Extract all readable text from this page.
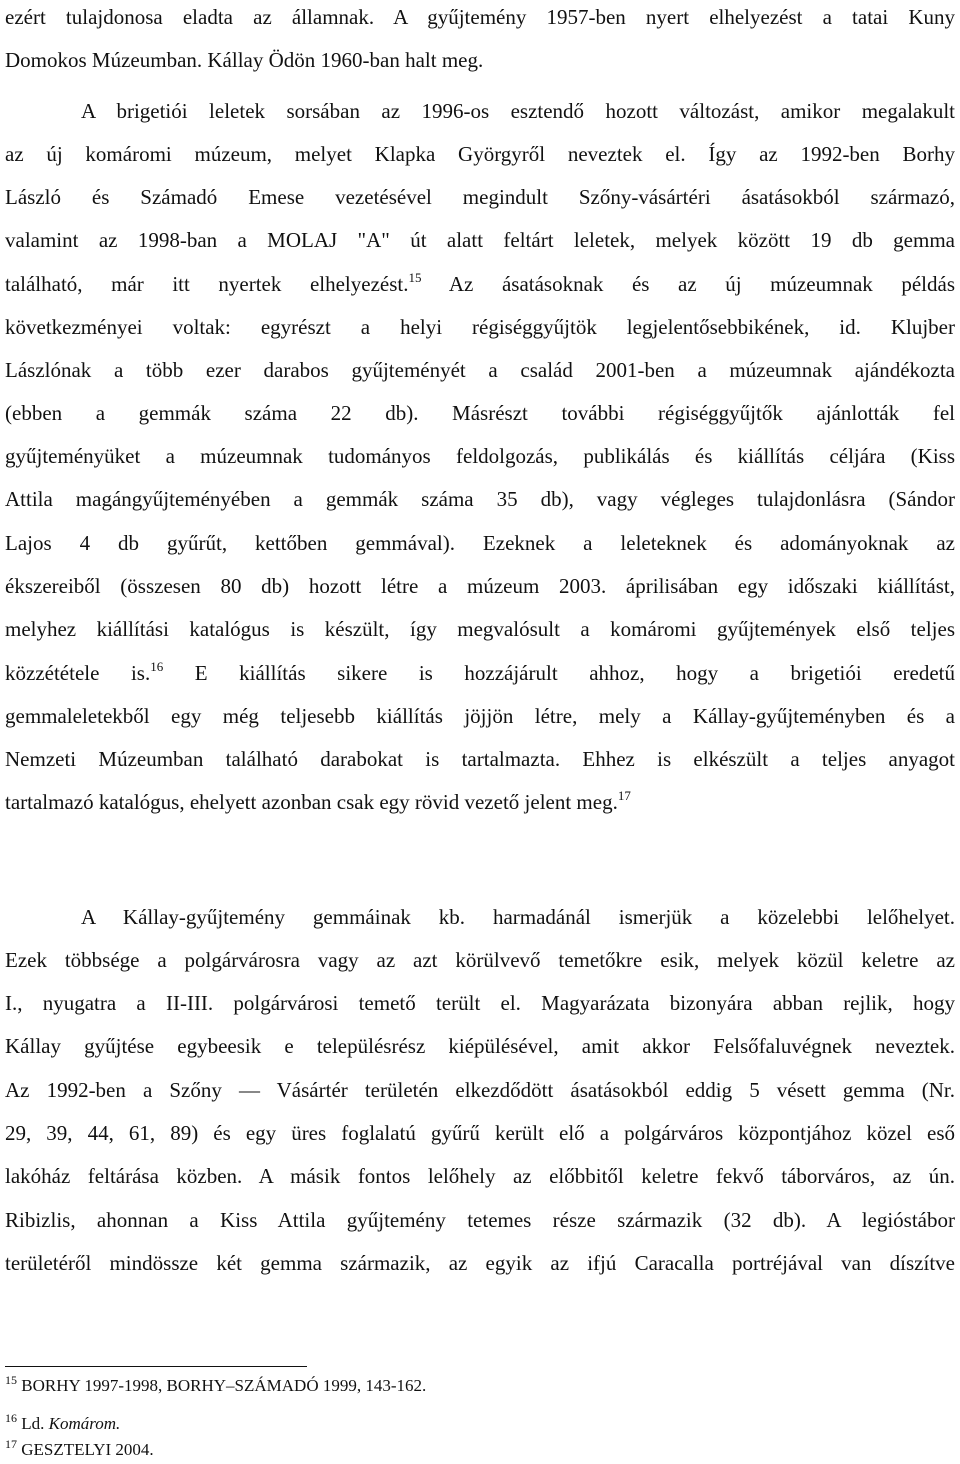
ezért tulajdonosa eladta az államnak. A gyűjtemény 1957-ben nyert elhelyezést a tatai Kuny
Domokos Múzeumban. Kállay Ödön 1960-ban halt meg.
A brigetiói leletek sorsában az 1996-os esztendő hozott változást, amikor megalakult
az új komáromi múzeum, melyet Klapka Györgyről neveztek el. Így az 1992-ben Borhy
László és Számadó Emese vezetésével megindult Szőny-vásártéri ásatásokból származó,
valamint az 1998-ban a MOLAJ "A" út alatt feltárt leletek, melyek között 19 db gemma
található, már itt nyertek elhelyezést.$^{15}$ Az ásatásoknak és az új múzeumnak példás
következményei voltak: egyrészt a helyi régiséggyűjtök legjelentősebbikének, id. Klujber
Lászlónak a több ezer darabos gyűjteményét a család 2001-ben a múzeumnak ajándékozta
(ebben a gemmák száma 22 db). Másrészt további régiséggyűjtők ajánlották fel
gyűjteményüket a múzeumnak tudományos feldolgozás, publikálás és kiállítás céljára (Kiss
Attila magángyűjteményében a gemmák száma 35 db), vagy végleges tulajdonlásra (Sándor
Lajos 4 db gyűrűt, kettőben gemmával). Ezeknek a leleteknek és adományoknak az
ékszereiből (összesen 80 db) hozott létre a múzeum 2003. áprilisában egy időszaki kiállítást,
melyhez kiállítási katalógus is készült, így megvalósult a komáromi gyűjtemények első teljes
közzététele is.$^{16}$ E kiállítás sikere is hozzájárult ahhoz, hogy a brigetiói eredetű
gemmaleletekből egy még teljesebb kiállítás jöjjön létre, mely a Kállay-gyűjteményben és a
Nemzeti Múzeumban található darabokat is tartalmazta. Ehhez is elkészült a teljes anyagot
tartalmazó katalógus, ehelyett azonban csak egy rövid vezető jelent meg.$^{17}$
A Kállay-gyűjtemény gemmáinak kb. harmadánál ismerjük a közelebbi lelőhelyet.
Ezek többsége a polgárvárosra vagy az azt körülvevő temetőkre esik, melyek közül keletre az
I., nyugatra a II-III. polgárvárosi temető terült el. Magyarázata bizonyára abban rejlik, hogy
Kállay gyűjtése egybeesik e településrész kiépülésével, amit akkor Felsőfaluvégnek neveztek.
Az 1992-ben a Szőny — Vásártér területén elkezdődött ásatásokból eddig 5 vésett gemma (Nr.
29, 39, 44, 61, 89) és egy üres foglalatú gyűrű került elő a polgárváros központjához közel eső
lakóház feltárása közben. A másik fontos lelőhely az előbbitől keletre fekvő táborváros, az ún.
Ribizlis, ahonnan a Kiss Attila gyűjtemény tetemes része származik (32 db). A legióstábor
területéről mindössze két gemma származik, az egyik az ifjú Caracalla portréjával van díszítve
$^{15}$ BORHY 1997-1998, BORHY–SZÁMADÓ 1999, 143-162.
$^{16}$ Ld. Komárom.
$^{17}$ GESZTELYI 2004.
